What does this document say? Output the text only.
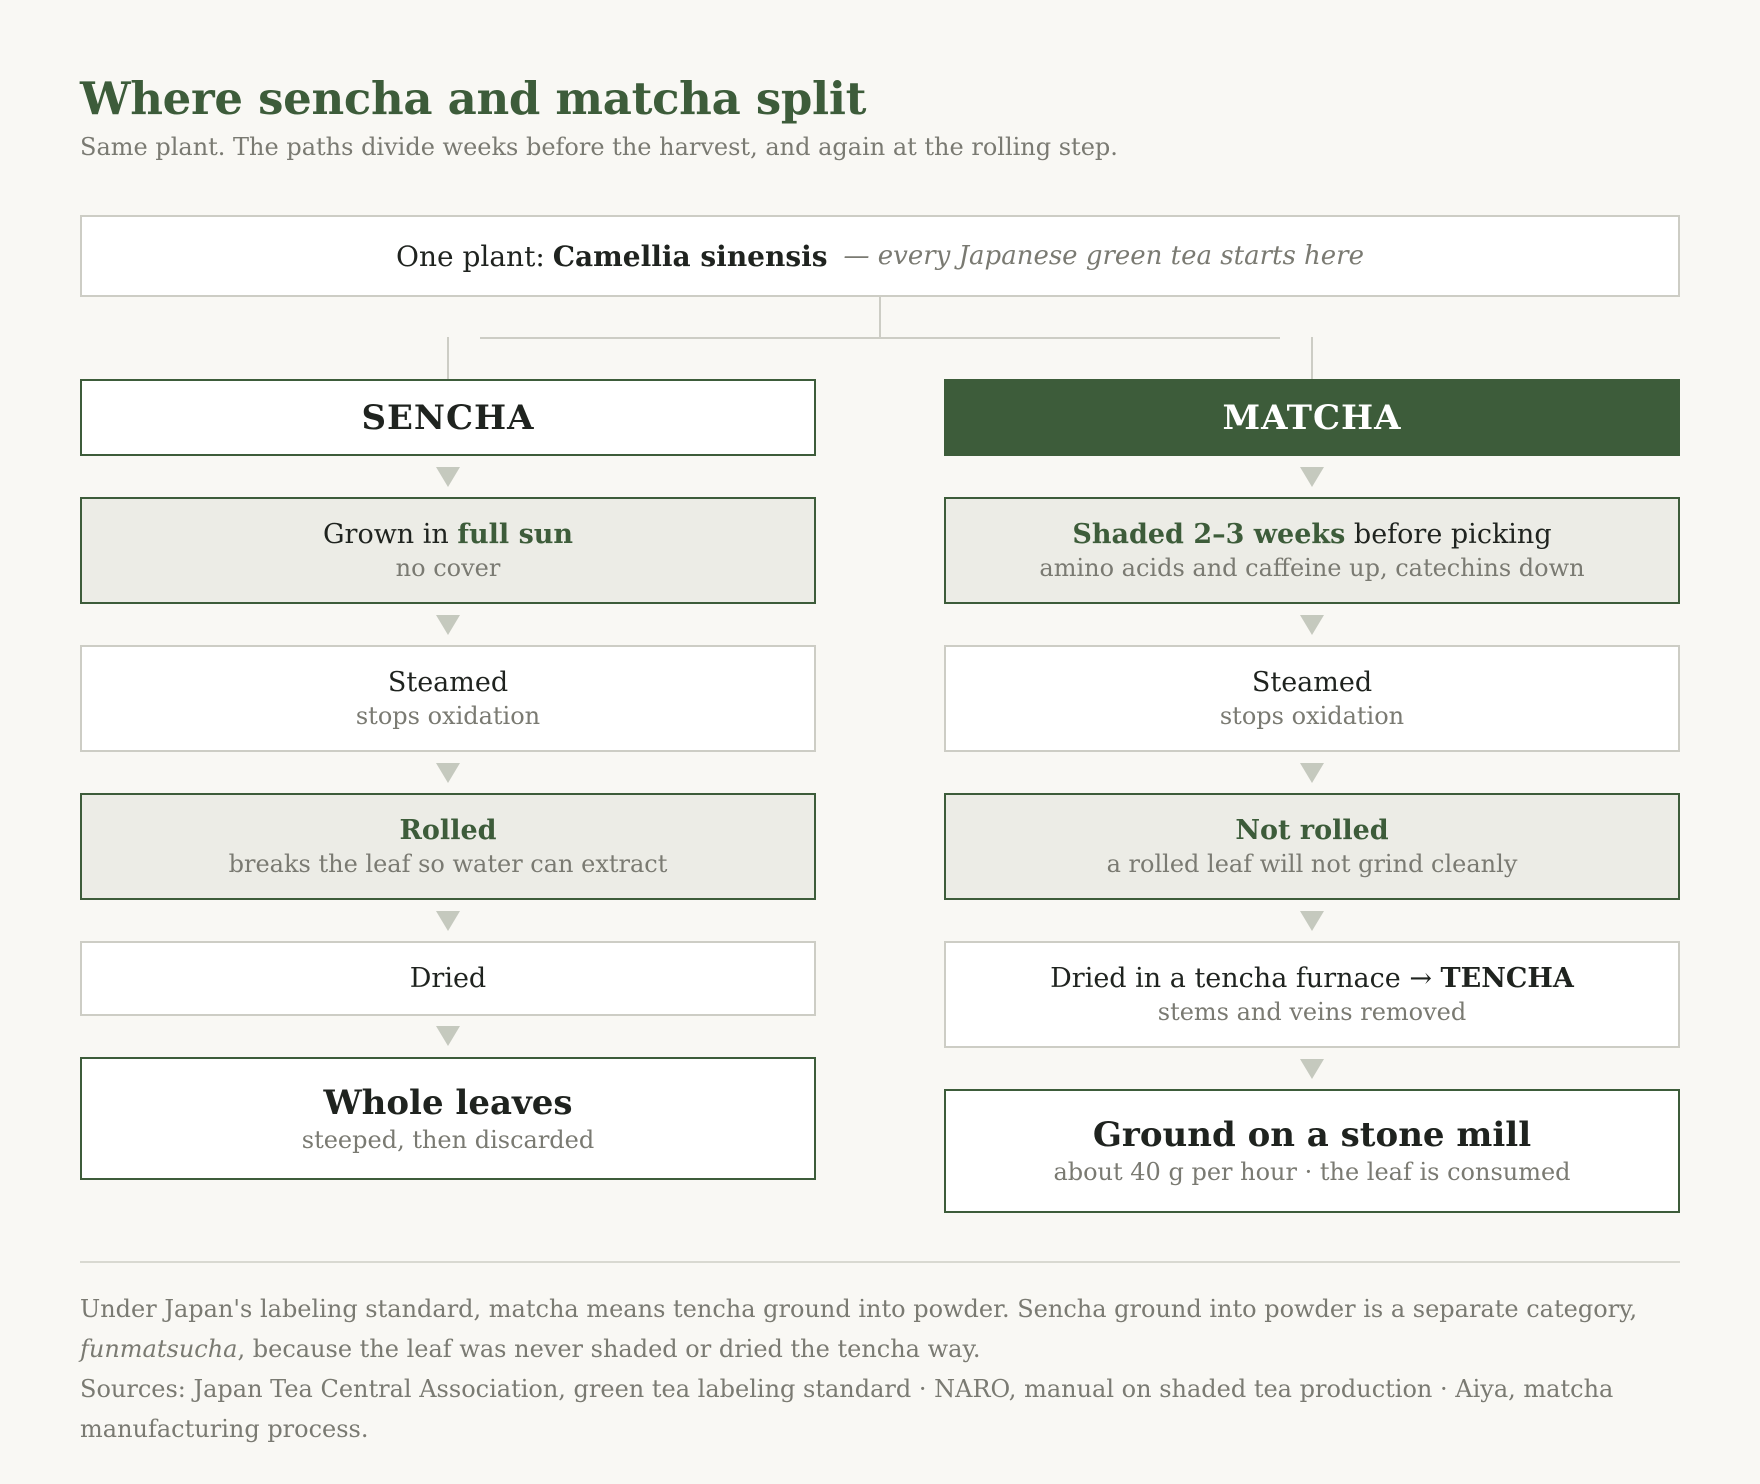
Where sencha and matcha split
Same plant. The paths divide weeks before the harvest, and again at the rolling step.
One plant: Camellia sinensis — every Japanese green tea starts here
SENCHA
Grown in full sun
no cover
Steamed
stops oxidation
Rolled
breaks the leaf so water can extract
Dried
Whole leaves
steeped, then discarded
MATCHA
Shaded 2–3 weeks before picking
amino acids and caffeine up, catechins down
Steamed
stops oxidation
Not rolled
a rolled leaf will not grind cleanly
Dried in a tencha furnace → TENCHA
stems and veins removed
Ground on a stone mill
about 40 g per hour · the leaf is consumed

Under Japan's labeling standard, matcha means tencha ground into powder. Sencha ground into powder is a separate category, funmatsucha, because the leaf was never shaded or dried the tencha way.

Sources: Japan Tea Central Association, green tea labeling standard · NARO, manual on shaded tea production · Aiya, matcha manufacturing process.
